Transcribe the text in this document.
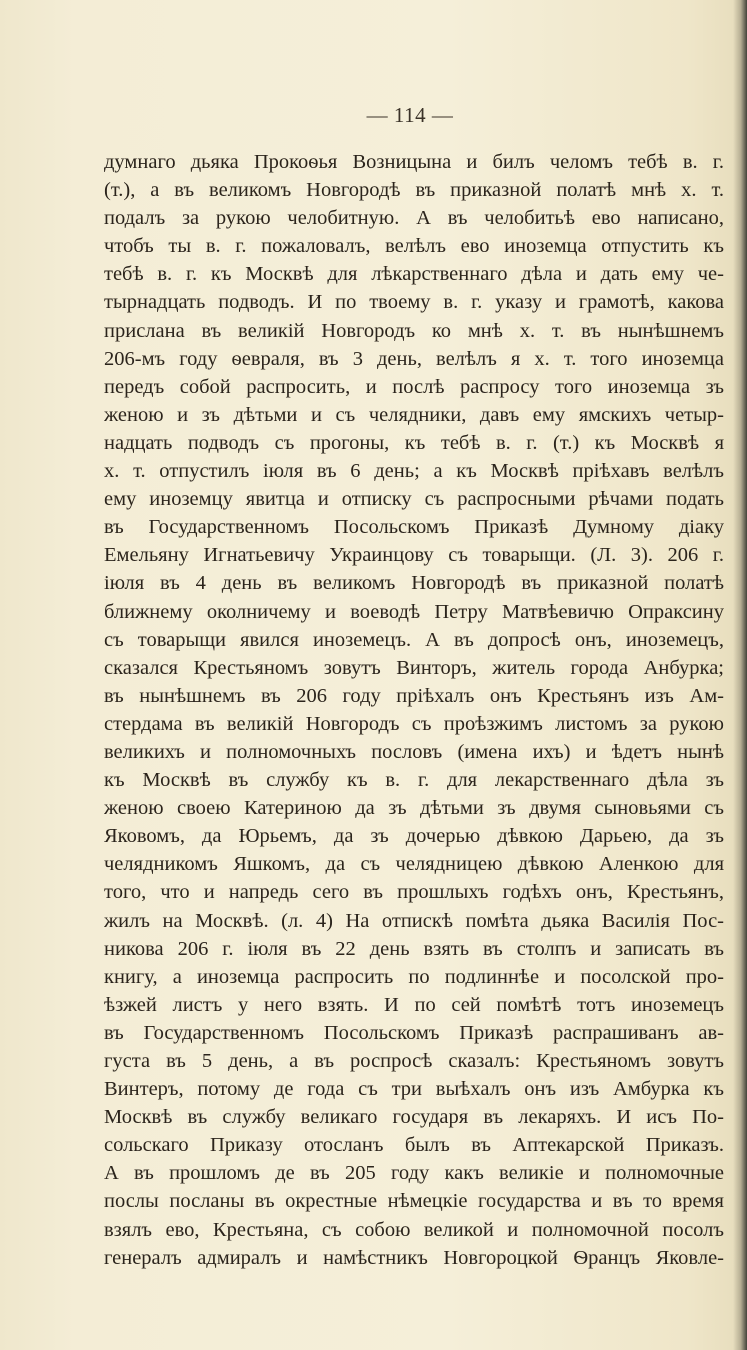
— 114 —
думнаго дьяка Прокоѳья Возницына и билъ челомъ тебѣ в. г.
(т.), а въ великомъ Новгородѣ въ приказной полатѣ мнѣ х. т.
подалъ за рукою челобитную. А въ челобитьѣ ево написано,
чтобъ ты в. г. пожаловалъ, велѣлъ ево иноземца отпустить къ
тебѣ в. г. къ Москвѣ для лѣкарственнаго дѣла и дать ему че-
тырнадцать подводъ. И по твоему в. г. указу и грамотѣ, какова
прислана въ великiй Новгородъ ко мнѣ х. т. въ нынѣшнемъ
206-мъ году ѳевраля, въ 3 день, велѣлъ я х. т. того иноземца
передъ собой распросить, и послѣ распросу того иноземца зъ
женою и зъ дѣтьми и съ челядники, давъ ему ямскихъ четыр-
надцать подводъ съ прогоны, къ тебѣ в. г. (т.) къ Москвѣ я
х. т. отпустилъ іюля въ 6 день; а къ Москвѣ прiѣхавъ велѣлъ
ему иноземцу явитца и отписку съ распросными рѣчами подать
въ Государственномъ Посольскомъ Приказѣ Думному дiаку
Емельяну Игнатьевичу Украинцову съ товарыщи. (Л. 3). 206 г.
іюля въ 4 день въ великомъ Новгородѣ въ приказной полатѣ
ближнему околничему и воеводѣ Петру Матвѣевичю Опраксину
съ товарыщи явился иноземецъ. А въ допросѣ онъ, иноземецъ,
сказался Крестьяномъ зовутъ Винторъ, житель города Анбурка;
въ нынѣшнемъ въ 206 году прiѣхалъ онъ Крестьянъ изъ Ам-
стердама въ великiй Новгородъ съ проѣзжимъ листомъ за рукою
великихъ и полномочныхъ пословъ (имена ихъ) и ѣдетъ нынѣ
къ Москвѣ въ службу къ в. г. для лекарственнаго дѣла зъ
женою своею Катериною да зъ дѣтьми зъ двумя сыновьями съ
Яковомъ, да Юрьемъ, да зъ дочерью дѣвкою Дарьею, да зъ
челядникомъ Яшкомъ, да съ челядницею дѣвкою Аленкою для
того, что и напредь сего въ прошлыхъ годѣхъ онъ, Крестьянъ,
жилъ на Москвѣ. (л. 4) На отпискѣ помѣта дьяка Василія Пос-
никова 206 г. іюля въ 22 день взять въ столпъ и записать въ
книгу, а иноземца распросить по подлиннѣе и посолской про-
ѣзжей листъ у него взять. И по сей помѣтѣ тотъ иноземецъ
въ Государственномъ Посольскомъ Приказѣ распрашиванъ ав-
густа въ 5 день, а въ роспросѣ сказалъ: Крестьяномъ зовутъ
Винтеръ, потому де года съ три выѣхалъ онъ изъ Амбурка къ
Москвѣ въ службу великаго государя въ лекаряхъ. И исъ По-
сольскаго Приказу отосланъ былъ въ Аптекарской Приказъ.
А въ прошломъ де въ 205 году какъ великiе и полномочные
послы посланы въ окрестные нѣмецкiе государства и въ то время
взялъ ево, Крестьяна, съ собою великой и полномочной посолъ
генералъ адмиралъ и намѣстникъ Новгороцкой Ѳранцъ Яковле-
